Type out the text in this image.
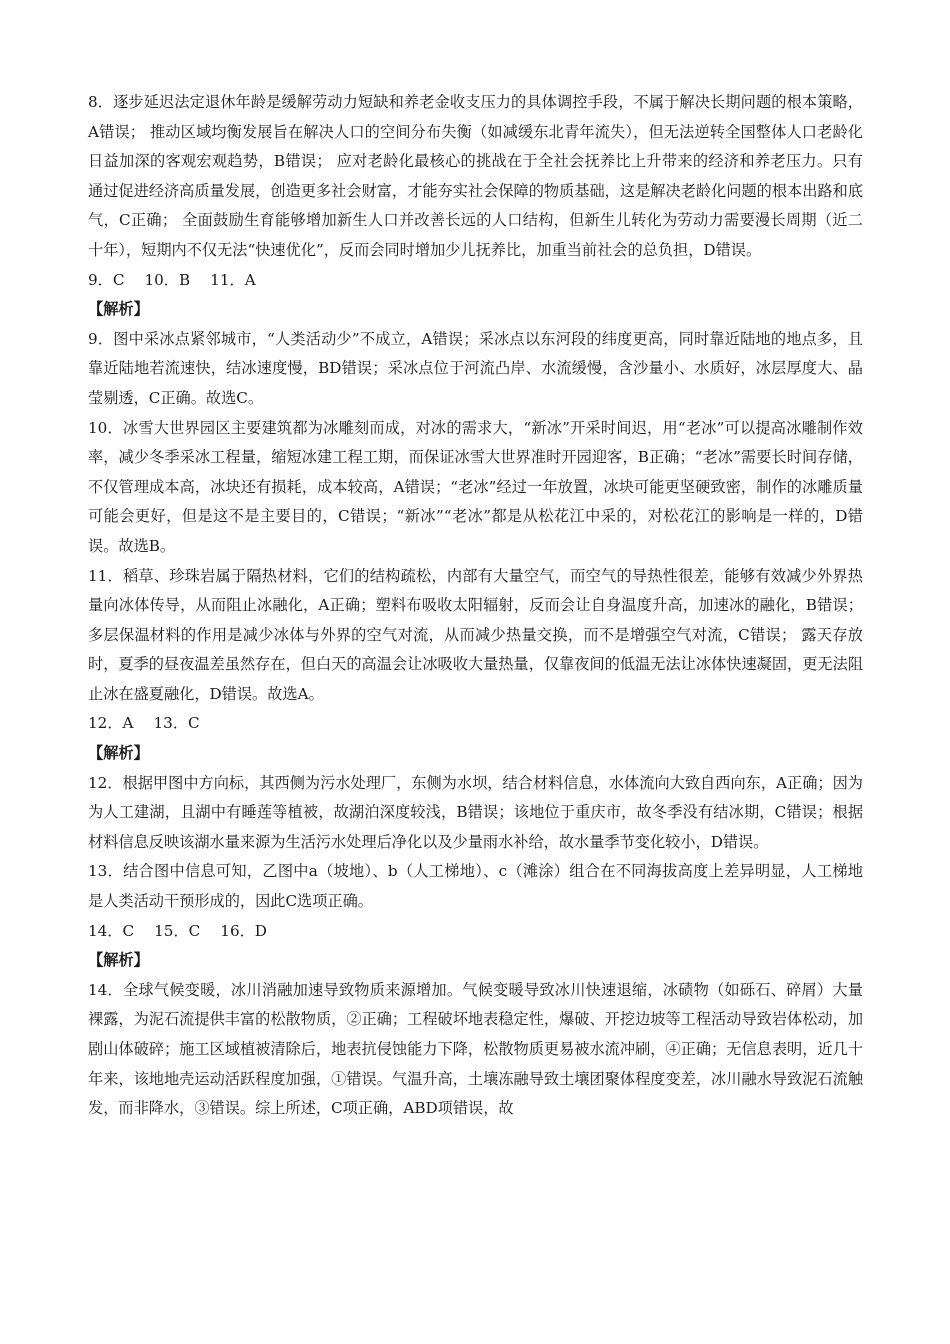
8．逐步延迟法定退休年龄是缓解劳动力短缺和养老金收支压力的具体调控手段，不属于解决长期问题的根本策略，A错误； 推动区域均衡发展旨在解决人口的空间分布失衡（如减缓东北青年流失），但无法逆转全国整体人口老龄化日益加深的客观宏观趋势，B错误； 应对老龄化最核心的挑战在于全社会抚养比上升带来的经济和养老压力。只有通过促进经济高质量发展，创造更多社会财富，才能夯实社会保障的物质基础，这是解决老龄化问题的根本出路和底气，C正确； 全面鼓励生育能够增加新生人口并改善长远的人口结构，但新生儿转化为劳动力需要漫长周期（近二十年），短期内不仅无法“快速优化”，反而会同时增加少儿抚养比，加重当前社会的总负担，D错误。

9．C　 10．B　 11．A

【解析】

9．图中采冰点紧邻城市，“人类活动少”不成立，A错误；采冰点以东河段的纬度更高，同时靠近陆地的地点多，且靠近陆地若流速快，结冰速度慢，BD错误；采冰点位于河流凸岸、水流缓慢，含沙量小、水质好，冰层厚度大、晶莹剔透，C正确。故选C。

10．冰雪大世界园区主要建筑都为冰雕刻而成，对冰的需求大，“新冰”开采时间迟，用“老冰”可以提高冰雕制作效率，减少冬季采冰工程量，缩短冰建工程工期，而保证冰雪大世界准时开园迎客，B正确；“老冰”需要长时间存储，不仅管理成本高，冰块还有损耗，成本较高，A错误；“老冰”经过一年放置，冰块可能更坚硬致密，制作的冰雕质量可能会更好，但是这不是主要目的，C错误；“新冰”“老冰”都是从松花江中采的，对松花江的影响是一样的，D错误。故选B。

11．稻草、珍珠岩属于隔热材料，它们的结构疏松，内部有大量空气，而空气的导热性很差，能够有效减少外界热量向冰体传导，从而阻止冰融化，A正确；塑料布吸收太阳辐射，反而会让自身温度升高，加速冰的融化，B错误；多层保温材料的作用是减少冰体与外界的空气对流，从而减少热量交换，而不是增强空气对流，C错误； 露天存放时，夏季的昼夜温差虽然存在，但白天的高温会让冰吸收大量热量，仅靠夜间的低温无法让冰体快速凝固，更无法阻止冰在盛夏融化，D错误。故选A。

12．A　 13．C

【解析】

12．根据甲图中方向标，其西侧为污水处理厂，东侧为水坝，结合材料信息，水体流向大致自西向东，A正确；因为为人工建湖，且湖中有睡莲等植被，故湖泊深度较浅，B错误；该地位于重庆市，故冬季没有结冰期，C错误；根据材料信息反映该湖水量来源为生活污水处理后净化以及少量雨水补给，故水量季节变化较小，D错误。

13．结合图中信息可知，乙图中a（坡地）、b（人工梯地）、c（滩涂）组合在不同海拔高度上差异明显，人工梯地是人类活动干预形成的，因此C选项正确。

14．C　 15．C　 16．D

【解析】

14．全球气候变暖，冰川消融加速导致物质来源增加。气候变暖导致冰川快速退缩，冰碛物（如砾石、碎屑）大量裸露，为泥石流提供丰富的松散物质，②正确；工程破坏地表稳定性，爆破、开挖边坡等工程活动导致岩体松动，加剧山体破碎；施工区域植被清除后，地表抗侵蚀能力下降，松散物质更易被水流冲刷，④正确；无信息表明，近几十年来，该地地壳运动活跃程度加强，①错误。气温升高，土壤冻融导致土壤团聚体程度变差，冰川融水导致泥石流触发，而非降水，③错误。综上所述，C项正确，ABD项错误，故
